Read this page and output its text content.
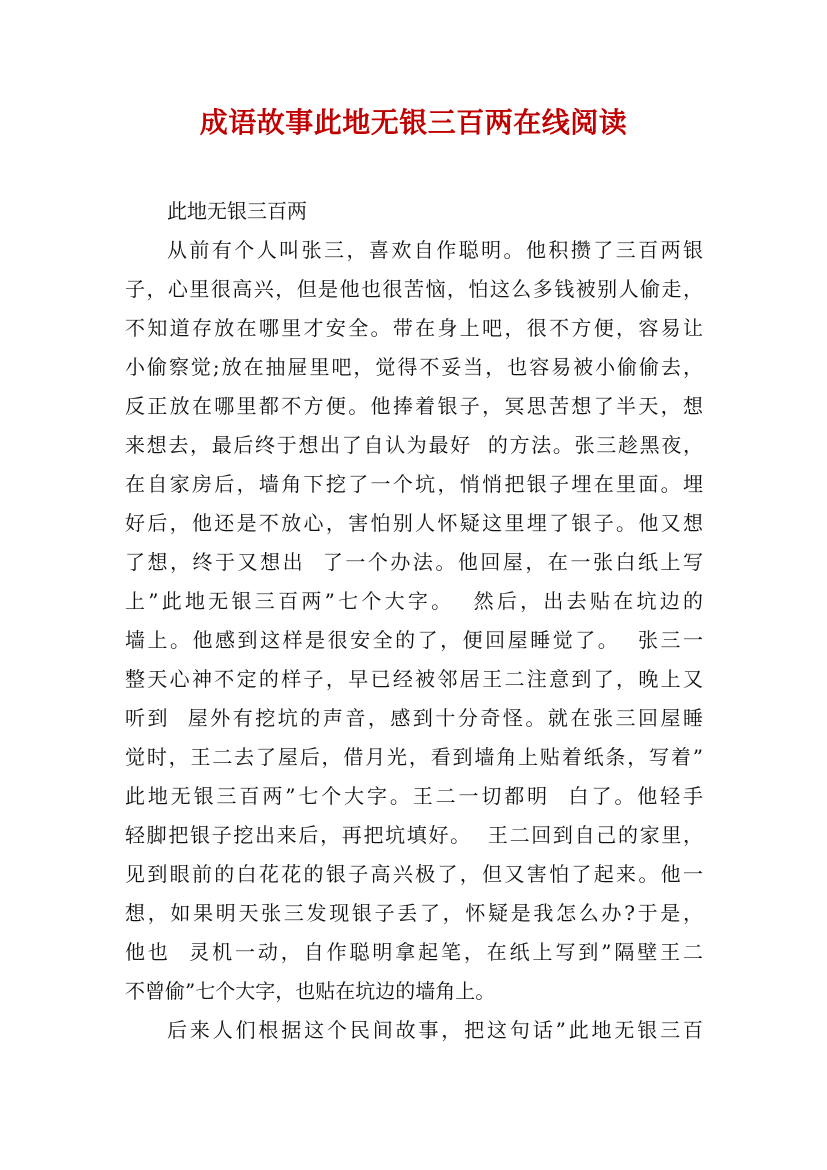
成语故事此地无银三百两在线阅读
此地无银三百两
从前有个人叫张三，喜欢自作聪明。他积攒了三百两银
子，心里很高兴，但是他也很苦恼，怕这么多钱被别人偷走，
不知道存放在哪里才安全。带在身上吧，很不方便，容易让
小偷察觉;放在抽屉里吧，觉得不妥当，也容易被小偷偷去，
反正放在哪里都不方便。他捧着银子，冥思苦想了半天，想
来想去，最后终于想出了自认为最好  的方法。张三趁黑夜，
在自家房后，墙角下挖了一个坑，悄悄把银子埋在里面。埋
好后，他还是不放心，害怕别人怀疑这里埋了银子。他又想
了想，终于又想出  了一个办法。他回屋，在一张白纸上写
上”此地无银三百两”七个大字。  然后，出去贴在坑边的
墙上。他感到这样是很安全的了，便回屋睡觉了。  张三一
整天心神不定的样子，早已经被邻居王二注意到了，晚上又
听到  屋外有挖坑的声音，感到十分奇怪。就在张三回屋睡
觉时，王二去了屋后，借月光，看到墙角上贴着纸条，写着”
此地无银三百两”七个大字。王二一切都明  白了。他轻手
轻脚把银子挖出来后，再把坑填好。  王二回到自己的家里，
见到眼前的白花花的银子高兴极了，但又害怕了起来。他一
想，如果明天张三发现银子丢了，怀疑是我怎么办?于是，
他也  灵机一动，自作聪明拿起笔，在纸上写到”隔壁王二
不曾偷”七个大字，也贴在坑边的墙角上。
后来人们根据这个民间故事，把这句话”此地无银三百
